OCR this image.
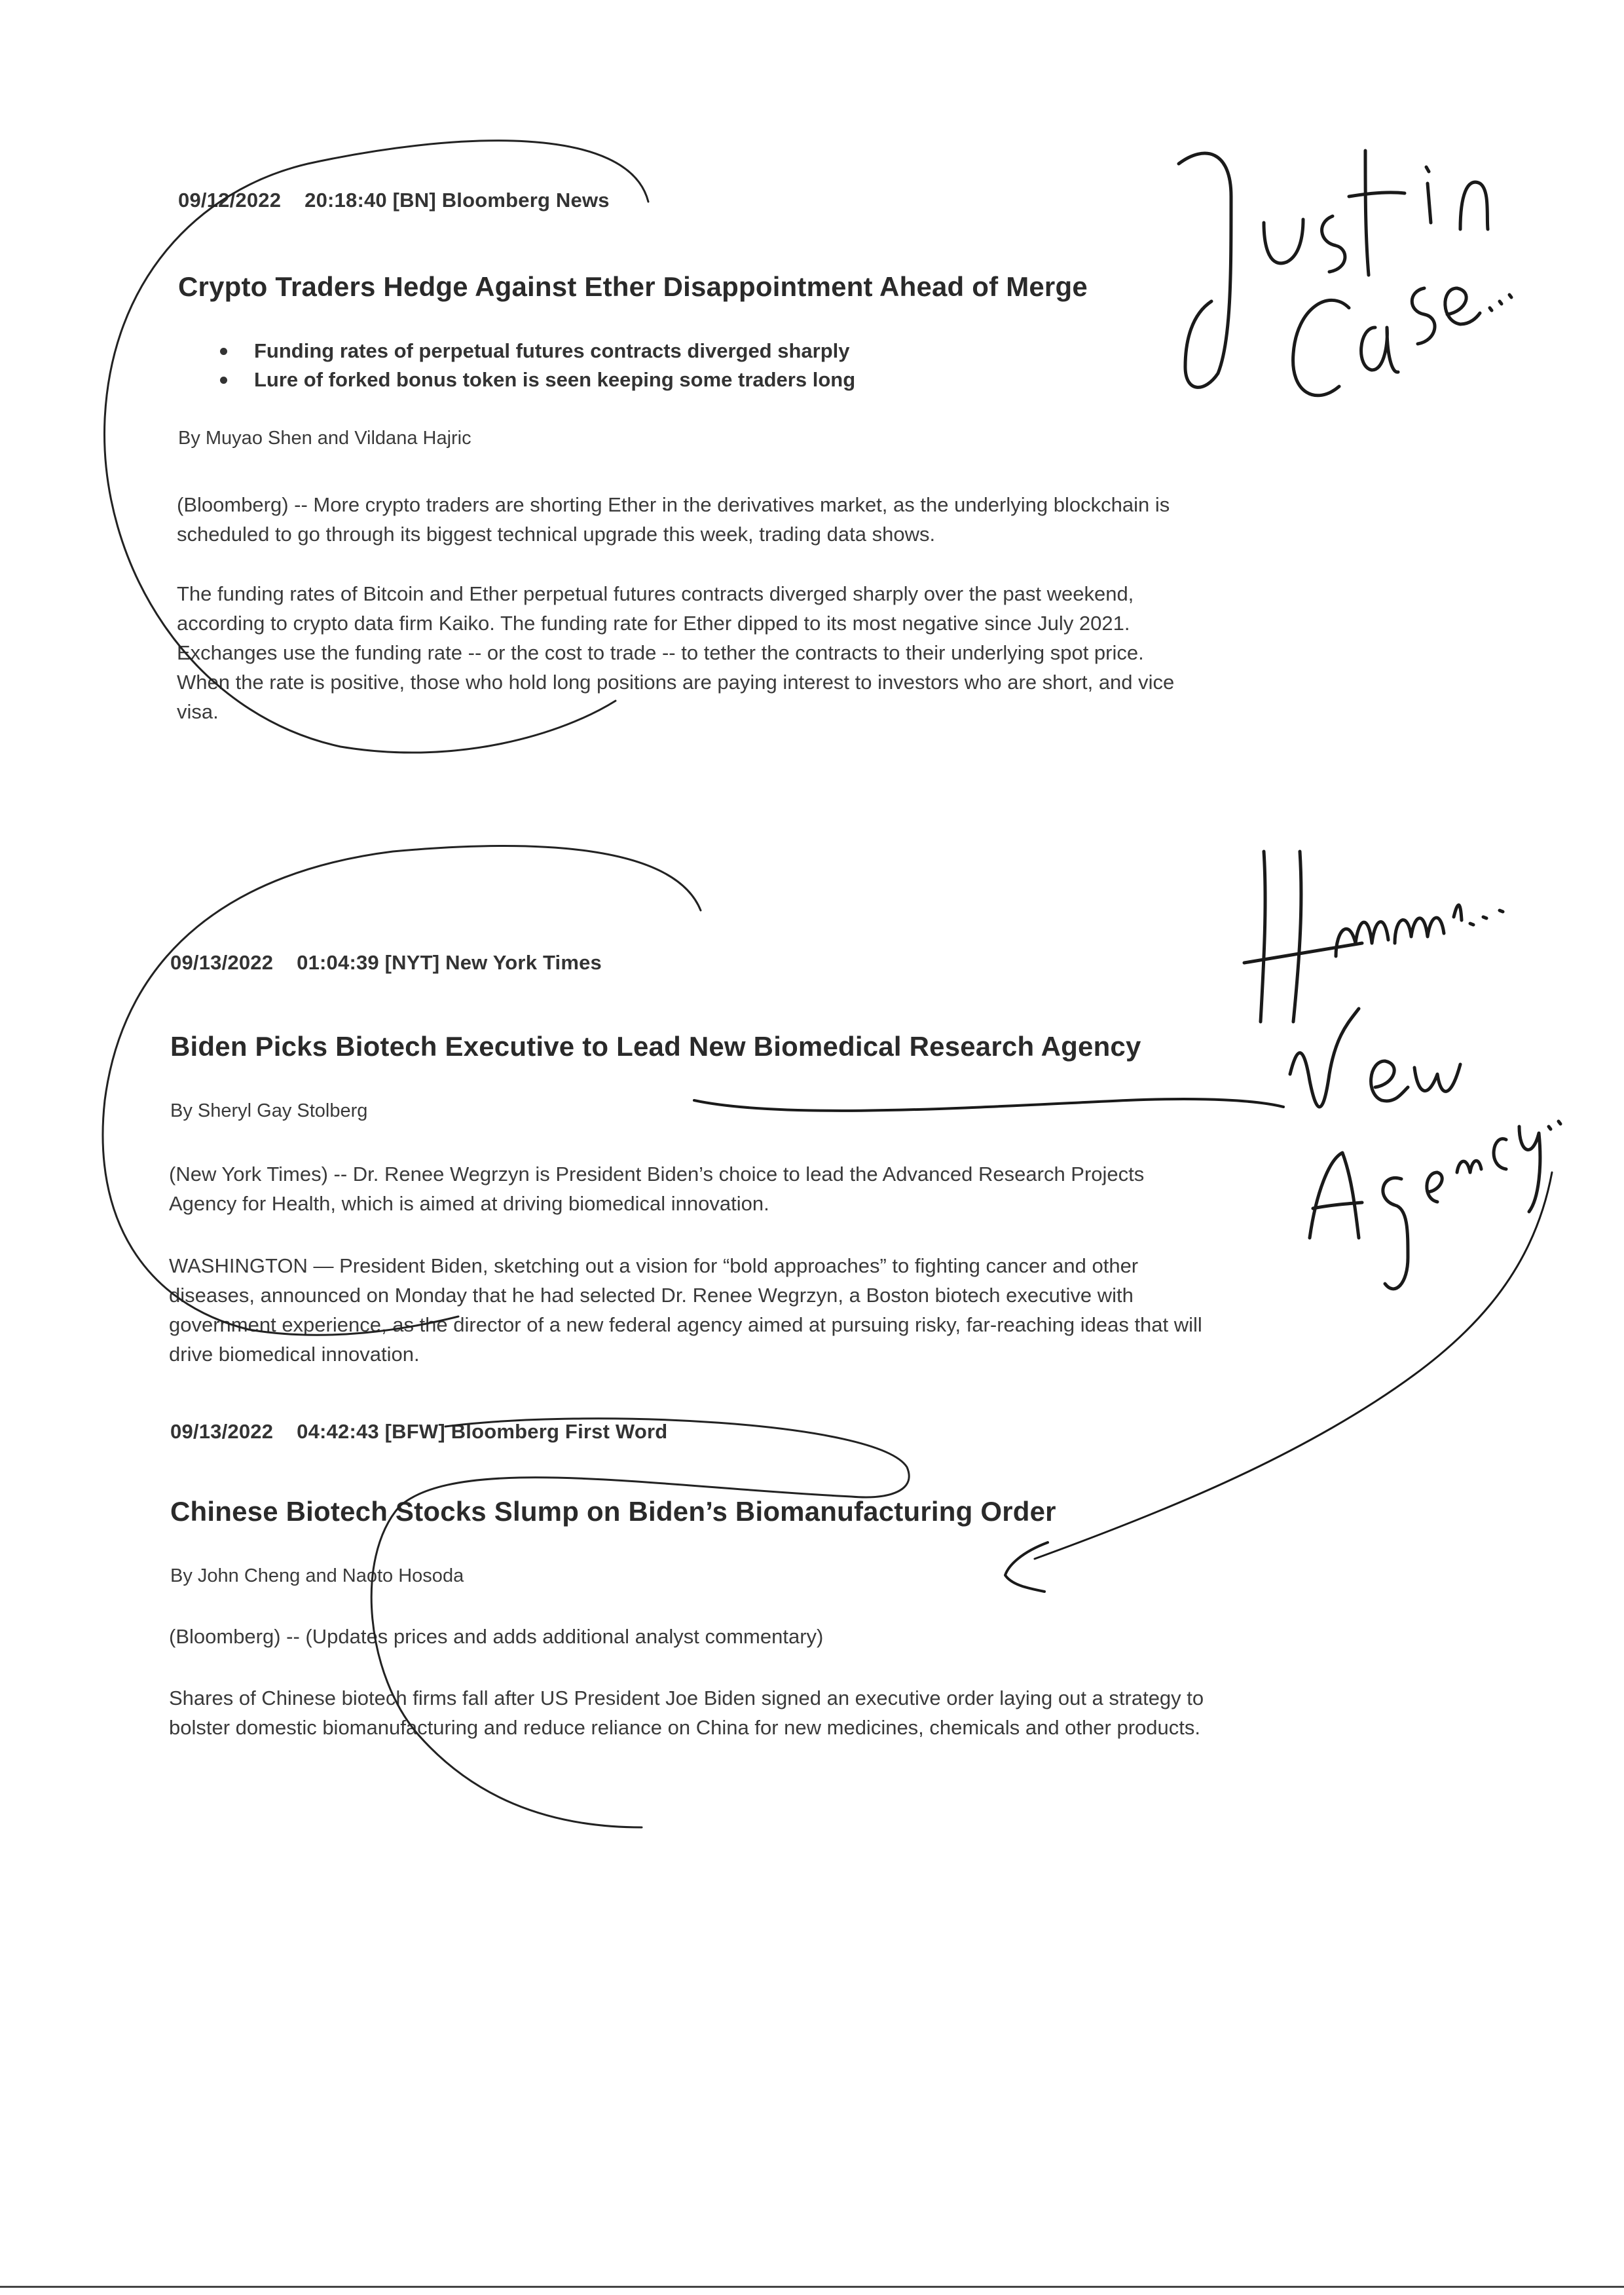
09/12/2022 20:18:40 [BN] Bloomberg News
Crypto Traders Hedge Against Ether Disappointment Ahead of Merge
Funding rates of perpetual futures contracts diverged sharply
Lure of forked bonus token is seen keeping some traders long
By Muyao Shen and Vildana Hajric
(Bloomberg) -- More crypto traders are shorting Ether in the derivatives market, as the underlying blockchain is
scheduled to go through its biggest technical upgrade this week, trading data shows.
The funding rates of Bitcoin and Ether perpetual futures contracts diverged sharply over the past weekend,
according to crypto data firm Kaiko. The funding rate for Ether dipped to its most negative since July 2021.
Exchanges use the funding rate -- or the cost to trade -- to tether the contracts to their underlying spot price.
When the rate is positive, those who hold long positions are paying interest to investors who are short, and vice
visa.
09/13/2022 01:04:39 [NYT] New York Times
Biden Picks Biotech Executive to Lead New Biomedical Research Agency
By Sheryl Gay Stolberg
(New York Times) -- Dr. Renee Wegrzyn is President Biden’s choice to lead the Advanced Research Projects
Agency for Health, which is aimed at driving biomedical innovation.
WASHINGTON — President Biden, sketching out a vision for “bold approaches” to fighting cancer and other
diseases, announced on Monday that he had selected Dr. Renee Wegrzyn, a Boston biotech executive with
government experience, as the director of a new federal agency aimed at pursuing risky, far-reaching ideas that will
drive biomedical innovation.
09/13/2022 04:42:43 [BFW] Bloomberg First Word
Chinese Biotech Stocks Slump on Biden’s Biomanufacturing Order
By John Cheng and Naoto Hosoda
(Bloomberg) -- (Updates prices and adds additional analyst commentary)
Shares of Chinese biotech firms fall after US President Joe Biden signed an executive order laying out a strategy to
bolster domestic biomanufacturing and reduce reliance on China for new medicines, chemicals and other products.
